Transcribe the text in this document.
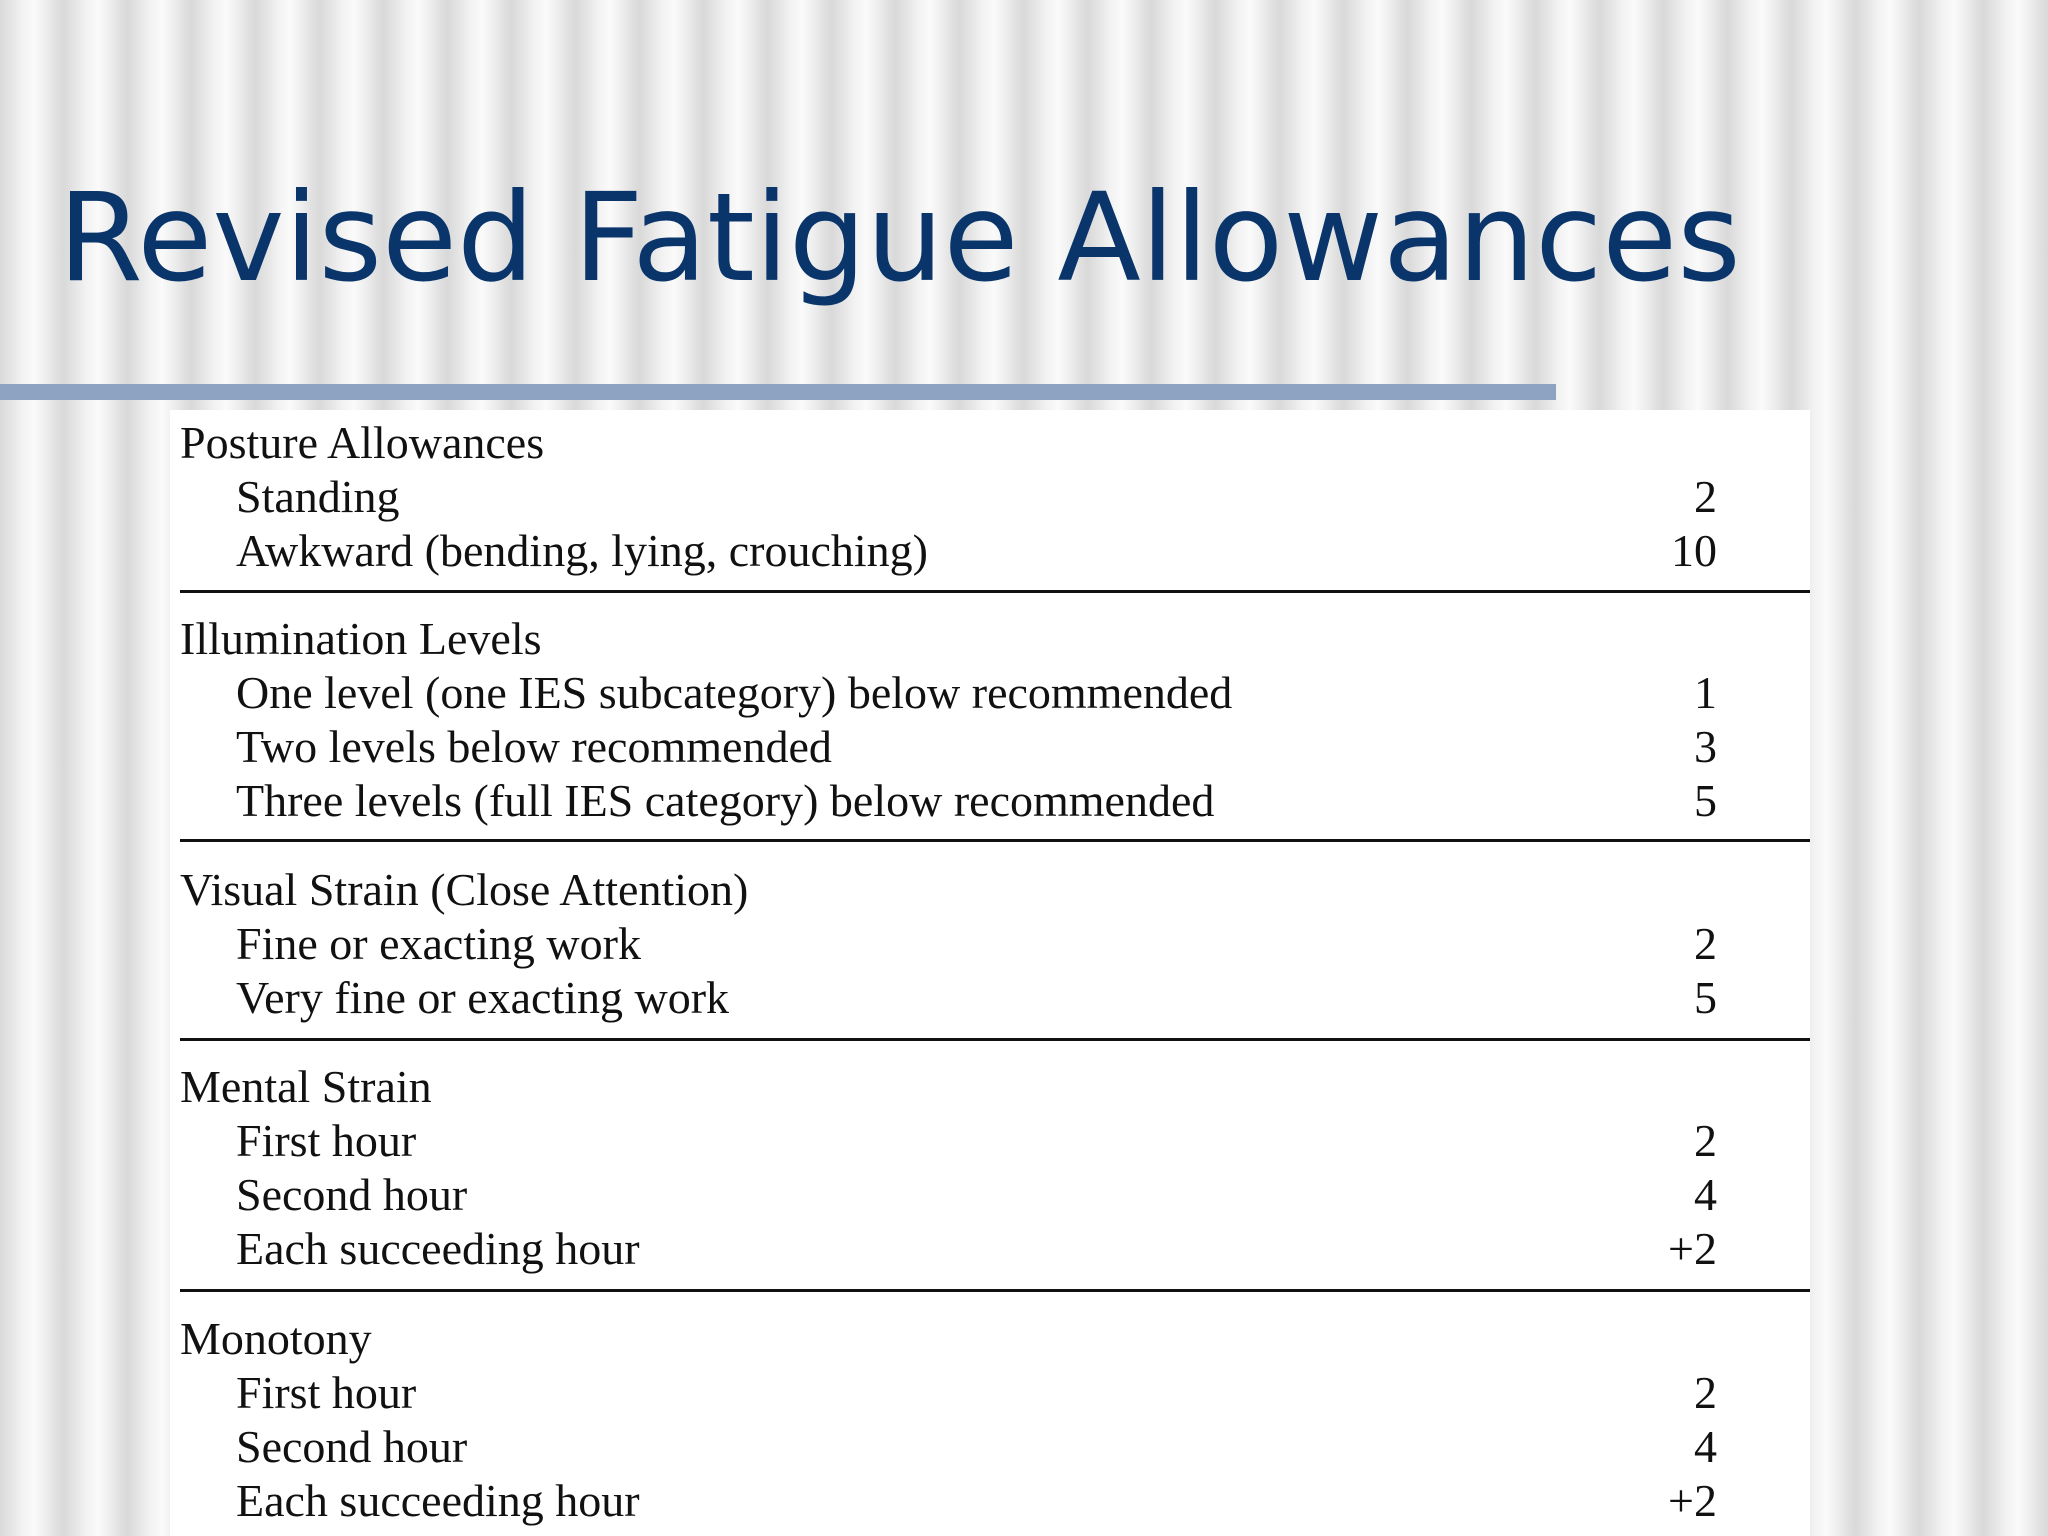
Revised Fatigue Allowances
Posture Allowances
Standing	2
Awkward (bending, lying, crouching)	10
Illumination Levels
One level (one IES subcategory) below recommended	1
Two levels below recommended	3
Three levels (full IES category) below recommended	5
Visual Strain (Close Attention)
Fine or exacting work	2
Very fine or exacting work	5
Mental Strain
First hour	2
Second hour	4
Each succeeding hour	+2
Monotony
First hour	2
Second hour	4
Each succeeding hour	+2
